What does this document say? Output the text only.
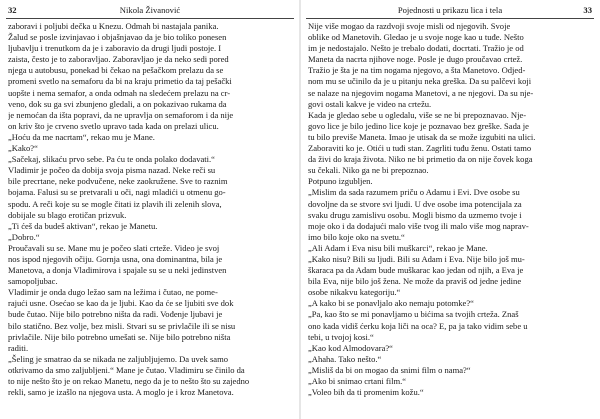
32	Nikola Živanović
zaboravi i poljubi dečka u Knezu. Odmah bi nastajala panika.
Žalud se posle izvinjavao i objašnjavao da je bio toliko ponesen
ljubavlju i trenutkom da je i zaboravio da drugi ljudi postoje. I
zaista, često je to zaboravljao. Zaboravljao je da neko sedi pored
njega u autobusu, ponekad bi čekao na pešačkom prelazu da se
promeni svetlo na semaforu da bi na kraju primetio da taj pešački
uopšte i nema semafor, a onda odmah na sledećem prelazu na cr-
veno, dok su ga svi zbunjeno gledali, a on pokazivao rukama da
je nemoćan da išta popravi, da ne upravlja on semaforom i da nije
on kriv što je crveno svetlo upravo tada kada on prelazi ulicu.
„Hoću da me nacrtam“, rekao mu je Mane.
„Kako?“
„Sačekaj, slikaću prvo sebe. Pa ću te onda polako dodavati.“
Vladimir je počeo da dobija svoja pisma nazad. Neke reči su
bile precrtane, neke podvučene, neke zaokružene. Sve to raznim
bojama. Falusi su se pretvarali u oči, nagi mladići u otmenu go-
spodu. A reči koje su se mogle čitati iz plavih ili zelenih slova,
dobijale su blago erotičan prizvuk.
„Ti ćeš da budeš aktivan“, rekao je Manetu.
„Dobro.“
Proučavali su se. Mane mu je počeo slati crteže. Video je svoj
nos ispod njegovih očiju. Gornja usna, ona dominantna, bila je
Manetova, a donja Vladimirova i spajale su se u neki jedinstven
samopoljubac.
Vladimir je onda dugo ležao sam na ležima i čutao, ne pome-
rajući usne. Osećao se kao da je ljubi. Kao da će se ljubiti sve dok
bude čutao. Nije bilo potrebno ništa da radi. Vođenje ljubavi je
bilo statično. Bez volje, bez misli. Stvari su se privlačile ili se nisu
privlačile. Nije bilo potrebno umešati se. Nije bilo potrebno ništa
raditi.
„Šeling je smatrao da se nikada ne zaljubljujemo. Da uvek samo
otkrivamo da smo zaljubljeni.“ Mane je čutao. Vladimiru se činilo da
to nije nešto što je on rekao Manetu, nego da je to nešto što su zajedno
rekli, samo je izašlo na njegova usta. A moglo je i kroz Manetova.
Pojednosti u prikazu lica i tela	33
Nije više mogao da razdvoji svoje misli od njegovih. Svoje
oblike od Manetovih. Gledao je u svoje noge kao u tuđe. Nešto
im je nedostajalo. Nešto je trebalo dodati, docrtati. Tražio je od
Maneta da nacrta njihove noge. Posle je dugo proučavao crtež.
Tražio je šta je na tim nogama njegovo, a šta Manetovo. Odjed-
nom mu se učinilo da je u pitanju neka greška. Da su palčevi koji
se nalaze na njegovim nogama Manetovi, a ne njegovi. Da su nje-
govi ostali kakve je video na crtežu.
Kada je gledao sebe u ogledalu, više se ne bi prepoznavao. Nje-
govo lice je bilo jedino lice koje je poznavao bez greške. Sada je
tu bilo previše Maneta. Imao je utisak da se može izgubiti na ulici.
Zaboraviti ko je. Otići u tuđi stan. Zagrliti tuđu ženu. Ostati tamo
da živi do kraja života. Niko ne bi primetio da on nije čovek koga
su čekali. Niko ga ne bi prepoznao.
Potpuno izgubljen.
„Mislim da sada razumem priču o Adamu i Evi. Dve osobe su
dovoljne da se stvore svi ljudi. U dve osobe ima potencijala za
svaku drugu zamislivu osobu. Mogli bismo da uzmemo tvoje i
moje oko i da dodajući malo više tvog ili malo više mog naprav-
imo bilo koje oko na svetu.“
„Ali Adam i Eva nisu bili muškarci“, rekao je Mane.
„Kako nisu? Bili su ljudi. Bili su Adam i Eva. Nije bilo još mu-
škaraca pa da Adam bude muškarac kao jedan od njih, a Eva je
bila Eva, nije bilo još žena. Ne može da praviš od jedne jedine
osobe nikakvu kategoriju.“
„A kako bi se ponavljalo ako nemaju potomke?“
„Pa, kao što se mi ponavljamo u bićima sa tvojih crteža. Znaš
ono kada vidiš ćerku koja liči na oca? E, pa ja tako vidim sebe u
tebi, u tvojoj kosi.“
„Kao kod Almodovara?“
„Ahaha. Tako nešto.“
„Misliš da bi on mogao da snimi film o nama?“
„Ako bi snimao crtani film.“
„Voleo bih da ti promenim kožu.“
